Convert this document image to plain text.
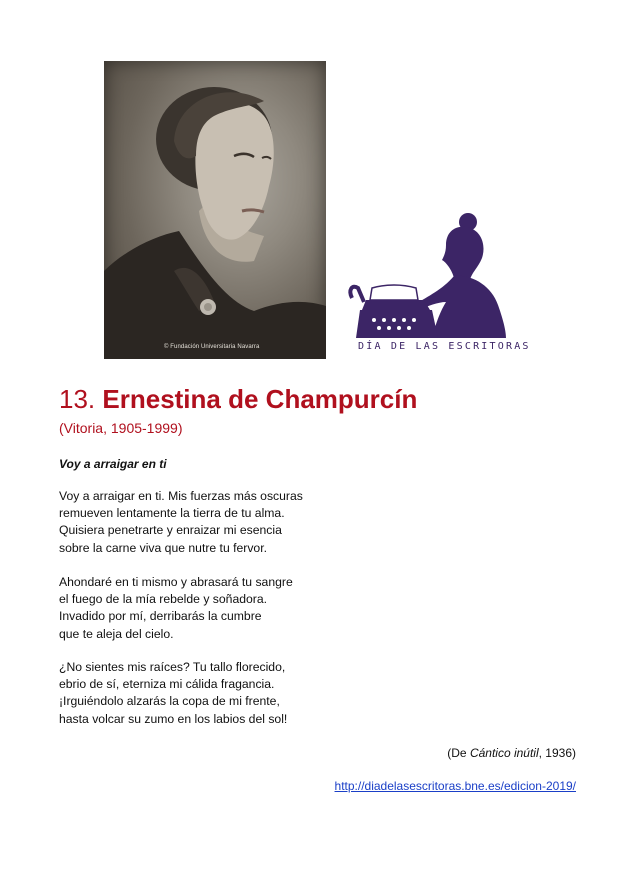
© Fundación Universitaria Navarra	DÍA DE LAS ESCRITORAS
13. Ernestina de Champurcín
(Vitoria, 1905-1999)
Voy a arraigar en ti
Voy a arraigar en ti. Mis fuerzas más oscuras
remueven lentamente la tierra de tu alma.
Quisiera penetrarte y enraizar mi esencia
sobre la carne viva que nutre tu fervor.
Ahondaré en ti mismo y abrasará tu sangre
el fuego de la mía rebelde y soñadora.
Invadido por mí, derribarás la cumbre
que te aleja del cielo.
¿No sientes mis raíces? Tu tallo florecido,
ebrio de sí, eterniza mi cálida fragancia.
¡Irguiéndolo alzarás la copa de mi frente,
hasta volcar su zumo en los labios del sol!
(De Cántico inútil, 1936)
http://diadelasescritoras.bne.es/edicion-2019/
